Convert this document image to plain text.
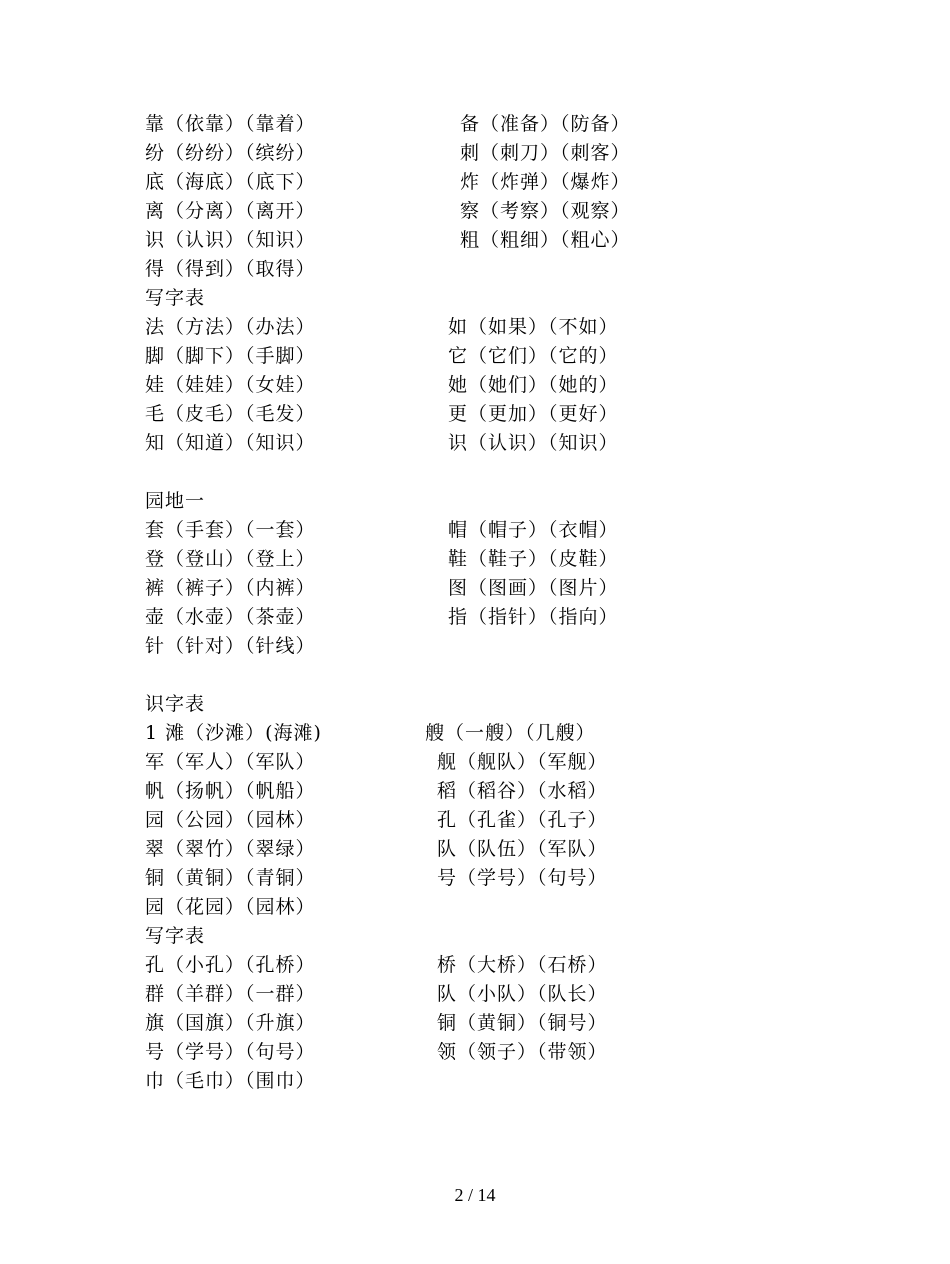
靠（依靠）（靠着）
纷（纷纷）（缤纷）
底（海底）（底下）
离（分离）（离开）
识（认识）（知识）
得（得到）（取得）
备（准备）（防备）
刺（刺刀）（刺客）
炸（炸弹）（爆炸）
察（考察）（观察）
粗（粗细）（粗心）
写字表
法（方法）（办法）
脚（脚下）（手脚）
娃（娃娃）（女娃）
毛（皮毛）（毛发）
知（知道）（知识）
如（如果）（不如）
它（它们）（它的）
她（她们）（她的）
更（更加）（更好）
识（认识）（知识）
园地一
套（手套）（一套）
登（登山）（登上）
裤（裤子）（内裤）
壶（水壶）（茶壶）
针（针对）（针线）
帽（帽子）（衣帽）
鞋（鞋子）（皮鞋）
图（图画）（图片）
指（指针）（指向）
识字表
1 滩（沙滩）(海滩)
军（军人）（军队）
帆（扬帆）（帆船）
园（公园）（园林）
翠（翠竹）（翠绿）
铜（黄铜）（青铜）
园（花园）（园林）
艘（一艘）（几艘）
舰（舰队）（军舰）
稻（稻谷）（水稻）
孔（孔雀）（孔子）
队（队伍）（军队）
号（学号）（句号）
写字表
孔（小孔）（孔桥）
群（羊群）（一群）
旗（国旗）（升旗）
号（学号）（句号）
巾（毛巾）（围巾）
桥（大桥）（石桥）
队（小队）（队长）
铜（黄铜）（铜号）
领（领子）（带领）
2 / 14
